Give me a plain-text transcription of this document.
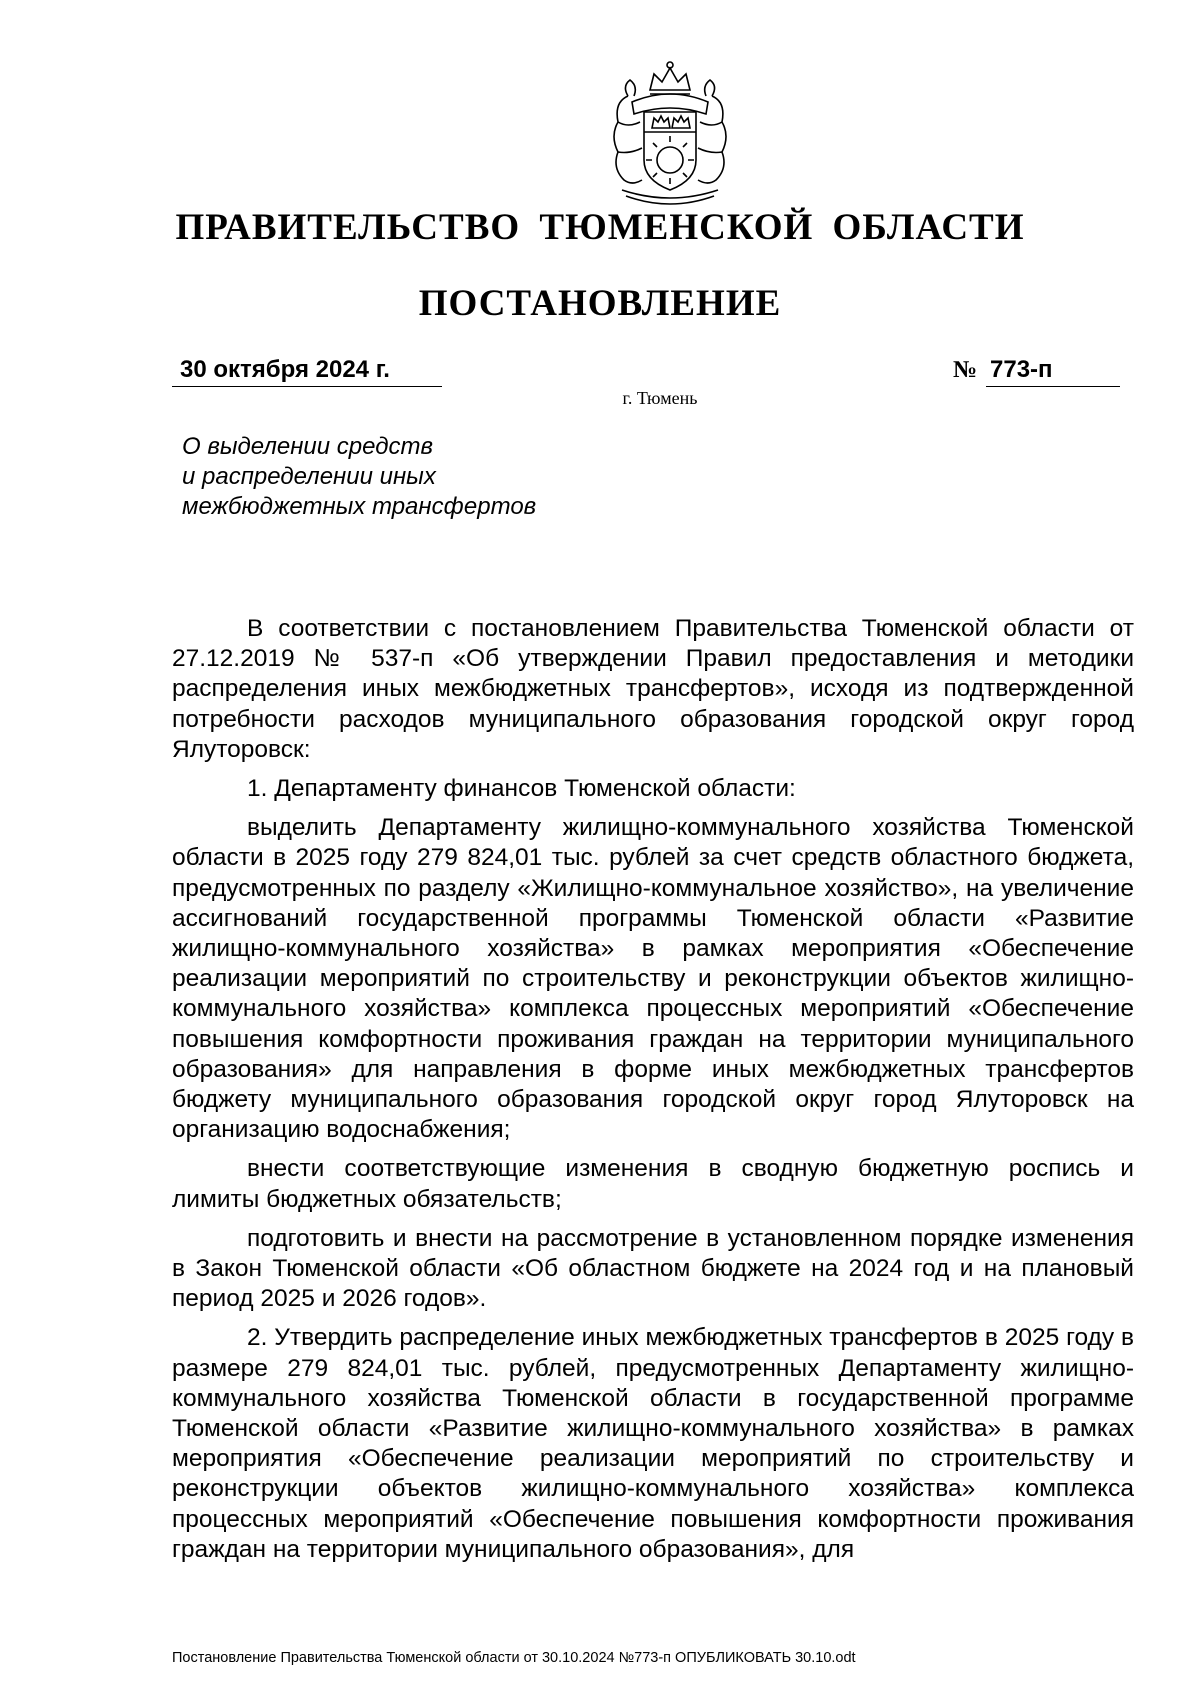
ПРАВИТЕЛЬСТВО ТЮМЕНСКОЙ ОБЛАСТИ
ПОСТАНОВЛЕНИЕ
30 октября 2024 г.	№ 773-п
г. Тюмень
О выделении средств
и распределении иных
межбюджетных трансфертов

В соответствии с постановлением Правительства Тюменской области от 27.12.2019 № 537-п «Об утверждении Правил предоставления и методики распределения иных межбюджетных трансфертов», исходя из подтвержденной потребности расходов муниципального образования городской округ город Ялуторовск:

1. Департаменту финансов Тюменской области:

выделить Департаменту жилищно-коммунального хозяйства Тюменской области в 2025 году 279 824,01 тыс. рублей за счет средств областного бюджета, предусмотренных по разделу «Жилищно-коммунальное хозяйство», на увеличение ассигнований государственной программы Тюменской области «Развитие жилищно-коммунального хозяйства» в рамках мероприятия «Обеспечение реализации мероприятий по строительству и реконструкции объектов жилищно-коммунального хозяйства» комплекса процессных мероприятий «Обеспечение повышения комфортности проживания граждан на территории муниципального образования» для направления в форме иных межбюджетных трансфертов бюджету муниципального образования городской округ город Ялуторовск на организацию водоснабжения;

внести соответствующие изменения в сводную бюджетную роспись и лимиты бюджетных обязательств;

подготовить и внести на рассмотрение в установленном порядке изменения в Закон Тюменской области «Об областном бюджете на 2024 год и на плановый период 2025 и 2026 годов».

2. Утвердить распределение иных межбюджетных трансфертов в 2025 году в размере 279 824,01 тыс. рублей, предусмотренных Департаменту жилищно-коммунального хозяйства Тюменской области в государственной программе Тюменской области «Развитие жилищно-коммунального хозяйства» в рамках мероприятия «Обеспечение реализации мероприятий по строительству и реконструкции объектов жилищно-коммунального хозяйства» комплекса процессных мероприятий «Обеспечение повышения комфортности проживания граждан на территории муниципального образования», для

Постановление Правительства Тюменской области от 30.10.2024 №773-п ОПУБЛИКОВАТЬ 30.10.odt
